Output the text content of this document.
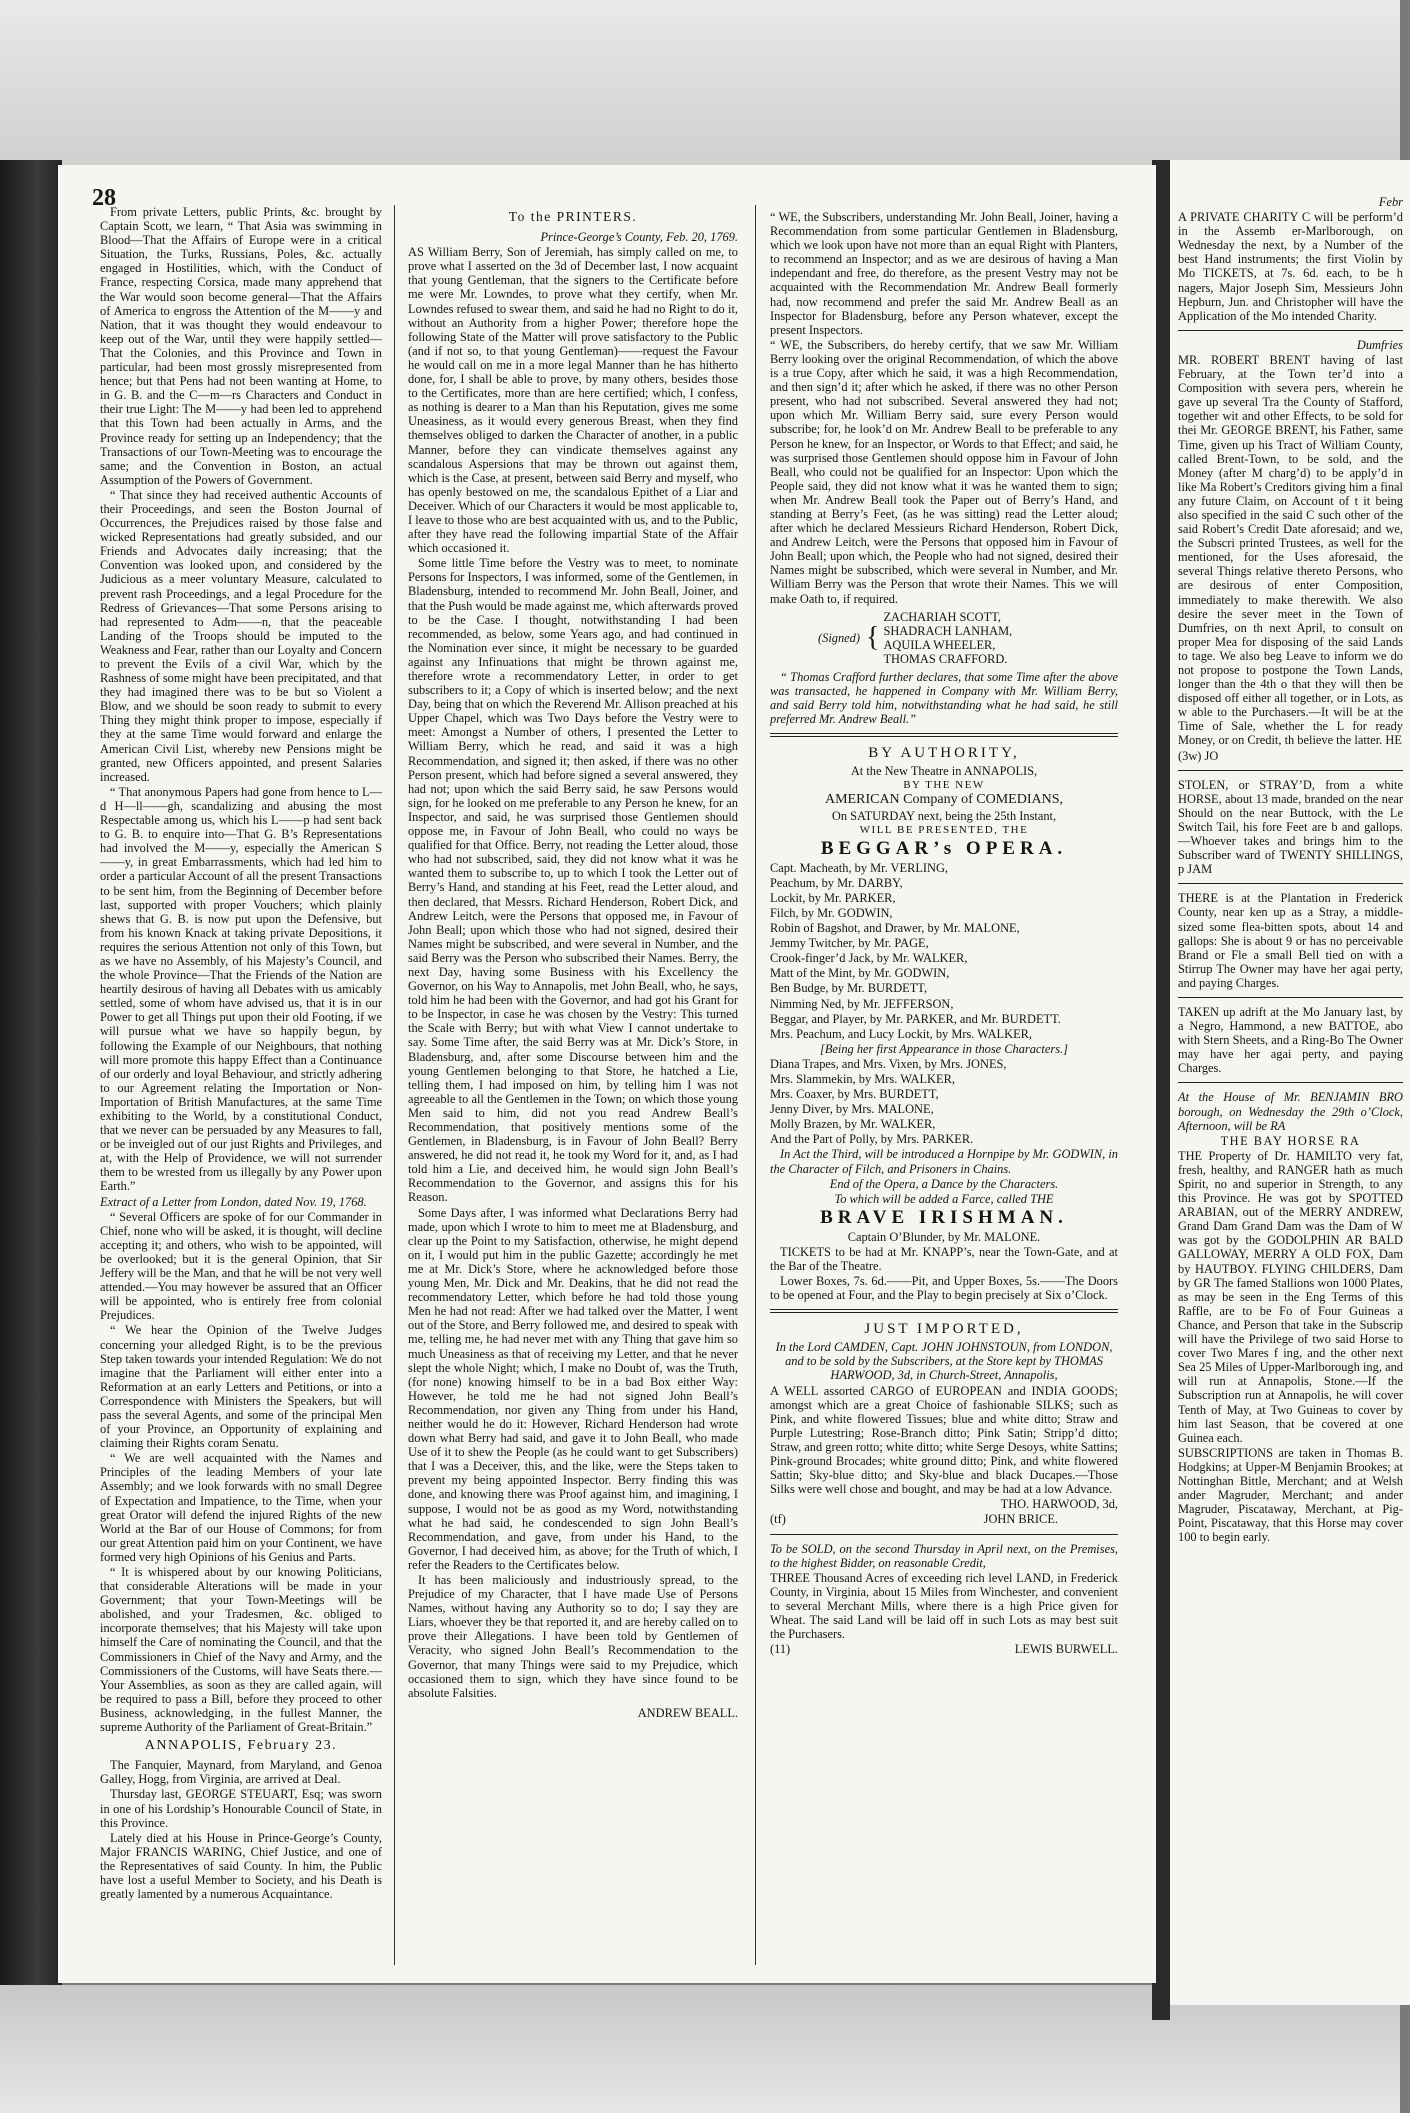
28

From private Letters, public Prints, &c. brought by Captain Scott, we learn, “ That Asia was swimming in Blood—That the Affairs of Europe were in a critical Situation, the Turks, Russians, Poles, &c. actually engaged in Hostilities, which, with the Conduct of France, respecting Corsica, made many apprehend that the War would soon become general—That the Affairs of America to engross the Attention of the M——y and Nation, that it was thought they would endeavour to keep out of the War, until they were happily settled—That the Colonies, and this Province and Town in particular, had been most grossly misrepresented from hence; but that Pens had not been wanting at Home, to in G. B. and the C—m—rs Characters and Conduct in their true Light: The M——y had been led to apprehend that this Town had been actually in Arms, and the Province ready for setting up an Independency; that the Transactions of our Town-Meeting was to encourage the same; and the Convention in Boston, an actual Assumption of the Powers of Government.

“ That since they had received authentic Accounts of their Proceedings, and seen the Boston Journal of Occurrences, the Prejudices raised by those false and wicked Representations had greatly subsided, and our Friends and Advocates daily increasing; that the Convention was looked upon, and considered by the Judicious as a meer voluntary Measure, calculated to prevent rash Proceedings, and a legal Procedure for the Redress of Grievances—That some Persons arising to had represented to Adm——n, that the peaceable Landing of the Troops should be imputed to the Weakness and Fear, rather than our Loyalty and Concern to prevent the Evils of a civil War, which by the Rashness of some might have been precipitated, and that they had imagined there was to be but so Violent a Blow, and we should be soon ready to submit to every Thing they might think proper to impose, especially if they at the same Time would forward and enlarge the American Civil List, whereby new Pensions might be granted, new Officers appointed, and present Salaries increased.

“ That anonymous Papers had gone from hence to L—d H—ll——gh, scandalizing and abusing the most Respectable among us, which his L——p had sent back to G. B. to enquire into—That G. B’s Representations had involved the M——y, especially the American S——y, in great Embarrassments, which had led him to order a particular Account of all the present Transactions to be sent him, from the Beginning of December before last, supported with proper Vouchers; which plainly shews that G. B. is now put upon the Defensive, but from his known Knack at taking private Depositions, it requires the serious Attention not only of this Town, but as we have no Assembly, of his Majesty’s Council, and the whole Province—That the Friends of the Nation are heartily desirous of having all Debates with us amicably settled, some of whom have advised us, that it is in our Power to get all Things put upon their old Footing, if we will pursue what we have so happily begun, by following the Example of our Neighbours, that nothing will more promote this happy Effect than a Continuance of our orderly and loyal Behaviour, and strictly adhering to our Agreement relating the Importation or Non-Importation of British Manufactures, at the same Time exhibiting to the World, by a constitutional Conduct, that we never can be persuaded by any Measures to fall, or be inveigled out of our just Rights and Privileges, and at, with the Help of Providence, we will not surrender them to be wrested from us illegally by any Power upon Earth.”

Extract of a Letter from London, dated Nov. 19, 1768.

“ Several Officers are spoke of for our Commander in Chief, none who will be asked, it is thought, will decline accepting it; and others, who wish to be appointed, will be overlooked; but it is the general Opinion, that Sir Jeffery will be the Man, and that he will be not very well attended.—You may however be assured that an Officer will be appointed, who is entirely free from colonial Prejudices.

“ We hear the Opinion of the Twelve Judges concerning your alledged Right, is to be the previous Step taken towards your intended Regulation: We do not imagine that the Parliament will either enter into a Reformation at an early Letters and Petitions, or into a Correspondence with Ministers the Speakers, but will pass the several Agents, and some of the principal Men of your Province, an Opportunity of explaining and claiming their Rights coram Senatu.

“ We are well acquainted with the Names and Principles of the leading Members of your late Assembly; and we look forwards with no small Degree of Expectation and Impatience, to the Time, when your great Orator will defend the injured Rights of the new World at the Bar of our House of Commons; for from our great Attention paid him on your Continent, we have formed very high Opinions of his Genius and Parts.

“ It is whispered about by our knowing Politicians, that considerable Alterations will be made in your Government; that your Town-Meetings will be abolished, and your Tradesmen, &c. obliged to incorporate themselves; that his Majesty will take upon himself the Care of nominating the Council, and that the Commissioners in Chief of the Navy and Army, and the Commissioners of the Customs, will have Seats there.—Your Assemblies, as soon as they are called again, will be required to pass a Bill, before they proceed to other Business, acknowledging, in the fullest Manner, the supreme Authority of the Parliament of Great-Britain.”

ANNAPOLIS, February 23.

The Fanquier, Maynard, from Maryland, and Genoa Galley, Hogg, from Virginia, are arrived at Deal.

Thursday last, GEORGE STEUART, Esq; was sworn in one of his Lordship’s Honourable Council of State, in this Province.

Lately died at his House in Prince-George’s County, Major FRANCIS WARING, Chief Justice, and one of the Representatives of said County. In him, the Public have lost a useful Member to Society, and his Death is greatly lamented by a numerous Acquaintance.

To the PRINTERS.

Prince-George’s County, Feb. 20, 1769.

AS William Berry, Son of Jeremiah, has simply called on me, to prove what I asserted on the 3d of December last, I now acquaint that young Gentleman, that the signers to the Certificate before me were Mr. Lowndes, to prove what they certify, when Mr. Lowndes refused to swear them, and said he had no Right to do it, without an Authority from a higher Power; therefore hope the following State of the Matter will prove satisfactory to the Public (and if not so, to that young Gentleman)——request the Favour he would call on me in a more legal Manner than he has hitherto done, for, I shall be able to prove, by many others, besides those to the Certificates, more than are here certified; which, I confess, as nothing is dearer to a Man than his Reputation, gives me some Uneasiness, as it would every generous Breast, when they find themselves obliged to darken the Character of another, in a public Manner, before they can vindicate themselves against any scandalous Aspersions that may be thrown out against them, which is the Case, at present, between said Berry and myself, who has openly bestowed on me, the scandalous Epithet of a Liar and Deceiver. Which of our Characters it would be most applicable to, I leave to those who are best acquainted with us, and to the Public, after they have read the following impartial State of the Affair which occasioned it.

Some little Time before the Vestry was to meet, to nominate Persons for Inspectors, I was informed, some of the Gentlemen, in Bladensburg, intended to recommend Mr. John Beall, Joiner, and that the Push would be made against me, which afterwards proved to be the Case. I thought, notwithstanding I had been recommended, as below, some Years ago, and had continued in the Nomination ever since, it might be necessary to be guarded against any Infinuations that might be thrown against me, therefore wrote a recommendatory Letter, in order to get subscribers to it; a Copy of which is inserted below; and the next Day, being that on which the Reverend Mr. Allison preached at his Upper Chapel, which was Two Days before the Vestry were to meet: Amongst a Number of others, I presented the Letter to William Berry, which he read, and said it was a high Recommendation, and signed it; then asked, if there was no other Person present, which had before signed a several answered, they had not; upon which the said Berry said, he saw Persons would sign, for he looked on me preferable to any Person he knew, for an Inspector, and said, he was surprised those Gentlemen should oppose me, in Favour of John Beall, who could no ways be qualified for that Office. Berry, not reading the Letter aloud, those who had not subscribed, said, they did not know what it was he wanted them to subscribe to, up to which I took the Letter out of Berry’s Hand, and standing at his Feet, read the Letter aloud, and then declared, that Messrs. Richard Henderson, Robert Dick, and Andrew Leitch, were the Persons that opposed me, in Favour of John Beall; upon which those who had not signed, desired their Names might be subscribed, and were several in Number, and the said Berry was the Person who subscribed their Names. Berry, the next Day, having some Business with his Excellency the Governor, on his Way to Annapolis, met John Beall, who, he says, told him he had been with the Governor, and had got his Grant for to be Inspector, in case he was chosen by the Vestry: This turned the Scale with Berry; but with what View I cannot undertake to say. Some Time after, the said Berry was at Mr. Dick’s Store, in Bladensburg, and, after some Discourse between him and the young Gentlemen belonging to that Store, he hatched a Lie, telling them, I had imposed on him, by telling him I was not agreeable to all the Gentlemen in the Town; on which those young Men said to him, did not you read Andrew Beall’s Recommendation, that positively mentions some of the Gentlemen, in Bladensburg, is in Favour of John Beall? Berry answered, he did not read it, he took my Word for it, and, as I had told him a Lie, and deceived him, he would sign John Beall’s Recommendation to the Governor, and assigns this for his Reason.

Some Days after, I was informed what Declarations Berry had made, upon which I wrote to him to meet me at Bladensburg, and clear up the Point to my Satisfaction, otherwise, he might depend on it, I would put him in the public Gazette; accordingly he met me at Mr. Dick’s Store, where he acknowledged before those young Men, Mr. Dick and Mr. Deakins, that he did not read the recommendatory Letter, which before he had told those young Men he had not read: After we had talked over the Matter, I went out of the Store, and Berry followed me, and desired to speak with me, telling me, he had never met with any Thing that gave him so much Uneasiness as that of receiving my Letter, and that he never slept the whole Night; which, I make no Doubt of, was the Truth, (for none) knowing himself to be in a bad Box either Way: However, he told me he had not signed John Beall’s Recommendation, nor given any Thing from under his Hand, neither would he do it: However, Richard Henderson had wrote down what Berry had said, and gave it to John Beall, who made Use of it to shew the People (as he could want to get Subscribers) that I was a Deceiver, this, and the like, were the Steps taken to prevent my being appointed Inspector. Berry finding this was done, and knowing there was Proof against him, and imagining, I suppose, I would not be as good as my Word, notwithstanding what he had said, he condescended to sign John Beall’s Recommendation, and gave, from under his Hand, to the Governor, I had deceived him, as above; for the Truth of which, I refer the Readers to the Certificates below.

It has been maliciously and industriously spread, to the Prejudice of my Character, that I have made Use of Persons Names, without having any Authority so to do; I say they are Liars, whoever they be that reported it, and are hereby called on to prove their Allegations. I have been told by Gentlemen of Veracity, who signed John Beall’s Recommendation to the Governor, that many Things were said to my Prejudice, which occasioned them to sign, which they have since found to be absolute Falsities.

ANDREW BEALL.

“ WE, the Subscribers, understanding Mr. John Beall, Joiner, having a Recommendation from some particular Gentlemen in Bladensburg, which we look upon have not more than an equal Right with Planters, to recommend an Inspector; and as we are desirous of having a Man independant and free, do therefore, as the present Vestry may not be acquainted with the Recommendation Mr. Andrew Beall formerly had, now recommend and prefer the said Mr. Andrew Beall as an Inspector for Bladensburg, before any Person whatever, except the present Inspectors.

“ WE, the Subscribers, do hereby certify, that we saw Mr. William Berry looking over the original Recommendation, of which the above is a true Copy, after which he said, it was a high Recommendation, and then sign’d it; after which he asked, if there was no other Person present, who had not subscribed. Several answered they had not; upon which Mr. William Berry said, sure every Person would subscribe; for, he look’d on Mr. Andrew Beall to be preferable to any Person he knew, for an Inspector, or Words to that Effect; and said, he was surprised those Gentlemen should oppose him in Favour of John Beall, who could not be qualified for an Inspector: Upon which the People said, they did not know what it was he wanted them to sign; when Mr. Andrew Beall took the Paper out of Berry’s Hand, and standing at Berry’s Feet, (as he was sitting) read the Letter aloud; after which he declared Messieurs Richard Henderson, Robert Dick, and Andrew Leitch, were the Persons that opposed him in Favour of John Beall; upon which, the People who had not signed, desired their Names might be subscribed, which were several in Number, and Mr. William Berry was the Person that wrote their Names. This we will make Oath to, if required.

(Signed) {
ZACHARIAH SCOTT,
SHADRACH LANHAM,
AQUILA WHEELER,
THOMAS CRAFFORD.

“ Thomas Crafford further declares, that some Time after the above was transacted, he happened in Company with Mr. William Berry, and said Berry told him, notwithstanding what he had said, he still preferred Mr. Andrew Beall.”

BY AUTHORITY,

At the New Theatre in ANNAPOLIS,

BY THE NEW

AMERICAN Company of COMEDIANS,

On SATURDAY next, being the 25th Instant,

WILL BE PRESENTED, THE

BEGGAR’s OPERA.

Capt. Macheath, by Mr. VERLING,

Peachum, by Mr. DARBY,

Lockit, by Mr. PARKER,

Filch, by Mr. GODWIN,

Robin of Bagshot, and Drawer, by Mr. MALONE,

Jemmy Twitcher, by Mr. PAGE,

Crook-finger’d Jack, by Mr. WALKER,

Matt of the Mint, by Mr. GODWIN,

Ben Budge, by Mr. BURDETT,

Nimming Ned, by Mr. JEFFERSON,

Beggar, and Player, by Mr. PARKER, and Mr. BURDETT.

Mrs. Peachum, and Lucy Lockit, by Mrs. WALKER,

[Being her first Appearance in those Characters.]

Diana Trapes, and Mrs. Vixen, by Mrs. JONES,

Mrs. Slammekin, by Mrs. WALKER,

Mrs. Coaxer, by Mrs. BURDETT,

Jenny Diver, by Mrs. MALONE,

Molly Brazen, by Mr. WALKER,

And the Part of Polly, by Mrs. PARKER.

In Act the Third, will be introduced a Hornpipe by Mr. GODWIN, in the Character of Filch, and Prisoners in Chains.

End of the Opera, a Dance by the Characters.

To which will be added a Farce, called THE

BRAVE IRISHMAN.

Captain O’Blunder, by Mr. MALONE.

TICKETS to be had at Mr. KNAPP’s, near the Town-Gate, and at the Bar of the Theatre.

Lower Boxes, 7s. 6d.——Pit, and Upper Boxes, 5s.——The Doors to be opened at Four, and the Play to begin precisely at Six o’Clock.

JUST IMPORTED,

In the Lord CAMDEN, Capt. JOHN JOHNSTOUN, from LONDON, and to be sold by the Subscribers, at the Store kept by THOMAS HARWOOD, 3d, in Church-Street, Annapolis,

A WELL assorted CARGO of EUROPEAN and INDIA GOODS; amongst which are a great Choice of fashionable SILKS; such as Pink, and white flowered Tissues; blue and white ditto; Straw and Purple Lutestring; Rose-Branch ditto; Pink Satin; Stripp’d ditto; Straw, and green rotto; white ditto; white Serge Desoys, white Sattins; Pink-ground Brocades; white ground ditto; Pink, and white flowered Sattin; Sky-blue ditto; and Sky-blue and black Ducapes.—Those Silks were well chose and bought, and may be had at a low Advance.

THO. HARWOOD, 3d,

(tf)	JOHN BRICE.

To be SOLD, on the second Thursday in April next, on the Premises, to the highest Bidder, on reasonable Credit,

THREE Thousand Acres of exceeding rich level LAND, in Frederick County, in Virginia, about 15 Miles from Winchester, and convenient to several Merchant Mills, where there is a high Price given for Wheat. The said Land will be laid off in such Lots as may best suit the Purchasers.

(11)	LEWIS BURWELL.

Febr

A PRIVATE CHARITY C will be perform’d in the Assemb er-Marlborough, on Wednesday the next, by a Number of the best Hand instruments; the first Violin by Mo TICKETS, at 7s. 6d. each, to be h nagers, Major Joseph Sim, Messieurs John Hepburn, Jun. and Christopher will have the Application of the Mo intended Charity.

Dumfries

MR. ROBERT BRENT having of last February, at the Town ter’d into a Composition with severa pers, wherein he gave up several Tra the County of Stafford, together wit and other Effects, to be sold for thei Mr. GEORGE BRENT, his Father, same Time, given up his Tract of William County, called Brent-Town, to be sold, and the Money (after M charg’d) to be apply’d in like Ma Robert’s Creditors giving him a final any future Claim, on Account of t it being also specified in the said C such other of the said Robert’s Credit Date aforesaid; and we, the Subscri printed Trustees, as well for the mentioned, for the Uses aforesaid, the several Things relative thereto Persons, who are desirous of enter Composition, immediately to make therewith. We also desire the sever meet in the Town of Dumfries, on th next April, to consult on proper Mea for disposing of the said Lands to tage. We also beg Leave to inform we do not propose to postpone the Town Lands, longer than the 4th o that they will then be disposed off either all together, or in Lots, as w able to the Purchasers.—It will be at the Time of Sale, whether the L for ready Money, or on Credit, th believe the latter. HE

(3w) JO

STOLEN, or STRAY’D, from a white HORSE, about 13 made, branded on the near Should on the near Buttock, with the Le Switch Tail, his fore Feet are b and gallops.—Whoever takes and brings him to the Subscriber ward of TWENTY SHILLINGS, p JAM

THERE is at the Plantation in Frederick County, near ken up as a Stray, a middle-sized some flea-bitten spots, about 14 and gallops: She is about 9 or has no perceivable Brand or Fle a small Bell tied on with a Stirrup The Owner may have her agai perty, and paying Charges.

TAKEN up adrift at the Mo January last, by a Negro, Hammond, a new BATTOE, abo with Stern Sheets, and a Ring-Bo The Owner may have her agai perty, and paying Charges.

At the House of Mr. BENJAMIN BRO borough, on Wednesday the 29th o’Clock, Afternoon, will be RA

THE BAY HORSE RA

THE Property of Dr. HAMILTO very fat, fresh, healthy, and RANGER hath as much Spirit, no and superior in Strength, to any this Province. He was got by SPOTTED ARABIAN, out of the MERRY ANDREW, Grand Dam Grand Dam was the Dam of W was got by the GODOLPHIN AR BALD GALLOWAY, MERRY A OLD FOX, Dam by HAUTBOY. FLYING CHILDERS, Dam by GR The famed Stallions won 1000 Plates, as may be seen in the Eng Terms of this Raffle, are to be Fo of Four Guineas a Chance, and Person that take in the Subscrip will have the Privilege of two said Horse to cover Two Mares f ing, and the other next Sea 25 Miles of Upper-Marlborough ing, and will run at Annapolis, Stone.—If the Subscription run at Annapolis, he will cover Tenth of May, at Two Guineas to cover by him last Season, that be covered at one Guinea each.

SUBSCRIPTIONS are taken in Thomas B. Hodgkins; at Upper-M Benjamin Brookes; at Nottinghan Bittle, Merchant; and at Welsh ander Magruder, Merchant; and ander Magruder, Piscataway, Merchant, at Pig-Point, Piscataway, that this Horse may cover 100 to begin early.
